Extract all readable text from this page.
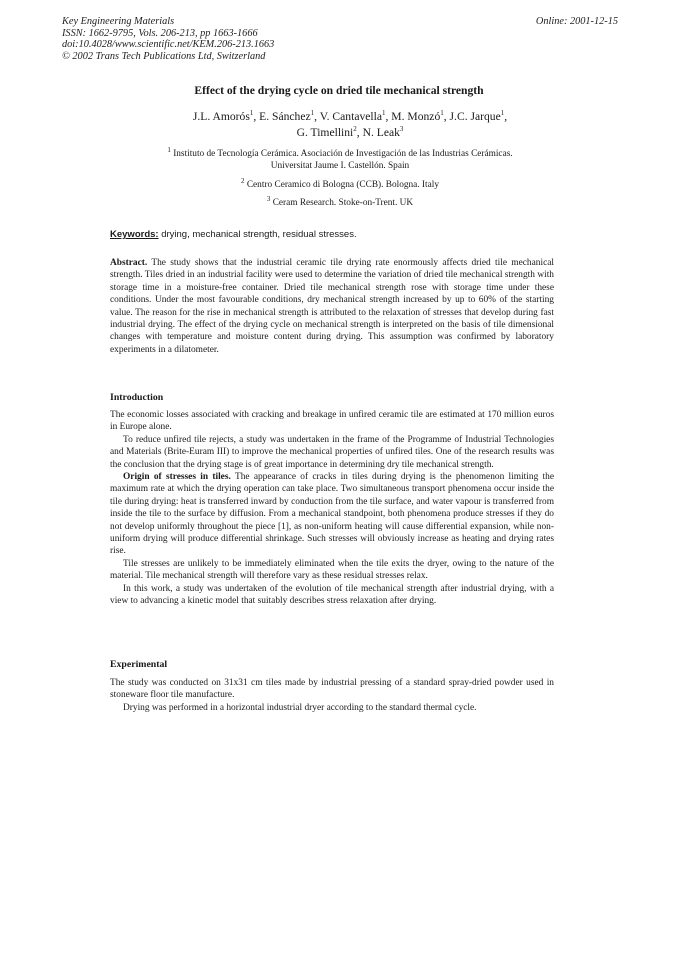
Key Engineering Materials
ISSN: 1662-9795, Vols. 206-213, pp 1663-1666
doi:10.4028/www.scientific.net/KEM.206-213.1663
© 2002 Trans Tech Publications Ltd, Switzerland
Online: 2001-12-15
Effect of the drying cycle on dried tile mechanical strength
J.L. Amorós$^1$, E. Sánchez$^1$, V. Cantavella$^1$, M. Monzó$^1$, J.C. Jarque$^1$,
G. Timellini$^2$, N. Leak$^3$
$^1$ Instituto de Tecnología Cerámica. Asociación de Investigación de las Industrias Cerámicas.
Universitat Jaume I. Castellón. Spain
$^2$ Centro Ceramico di Bologna (CCB). Bologna. Italy
$^3$ Ceram Research. Stoke-on-Trent. UK
Keywords: drying, mechanical strength, residual stresses.

Abstract. The study shows that the industrial ceramic tile drying rate enormously affects dried tile mechanical strength. Tiles dried in an industrial facility were used to determine the variation of dried tile mechanical strength with storage time in a moisture-free container. Dried tile mechanical strength rose with storage time under these conditions. Under the most favourable conditions, dry mechanical strength increased by up to 60% of the starting value. The reason for the rise in mechanical strength is attributed to the relaxation of stresses that develop during fast industrial drying. The effect of the drying cycle on mechanical strength is interpreted on the basis of tile dimensional changes with temperature and moisture content during drying. This assumption was confirmed by laboratory experiments in a dilatometer.

Introduction

The economic losses associated with cracking and breakage in unfired ceramic tile are estimated at 170 million euros in Europe alone.

To reduce unfired tile rejects, a study was undertaken in the frame of the Programme of Industrial Technologies and Materials (Brite-Euram III) to improve the mechanical properties of unfired tiles. One of the research results was the conclusion that the drying stage is of great importance in determining dry tile mechanical strength.

Origin of stresses in tiles. The appearance of cracks in tiles during drying is the phenomenon limiting the maximum rate at which the drying operation can take place. Two simultaneous transport phenomena occur inside the tile during drying: heat is transferred inward by conduction from the tile surface, and water vapour is transferred from inside the tile to the surface by diffusion. From a mechanical standpoint, both phenomena produce stresses if they do not develop uniformly throughout the piece [1], as non-uniform heating will cause differential expansion, while non-uniform drying will produce differential shrinkage. Such stresses will obviously increase as heating and drying rates rise.

Tile stresses are unlikely to be immediately eliminated when the tile exits the dryer, owing to the nature of the material. Tile mechanical strength will therefore vary as these residual stresses relax.

In this work, a study was undertaken of the evolution of tile mechanical strength after industrial drying, with a view to advancing a kinetic model that suitably describes stress relaxation after drying.

Experimental

The study was conducted on 31x31 cm tiles made by industrial pressing of a standard spray-dried powder used in stoneware floor tile manufacture.

Drying was performed in a horizontal industrial dryer according to the standard thermal cycle.
